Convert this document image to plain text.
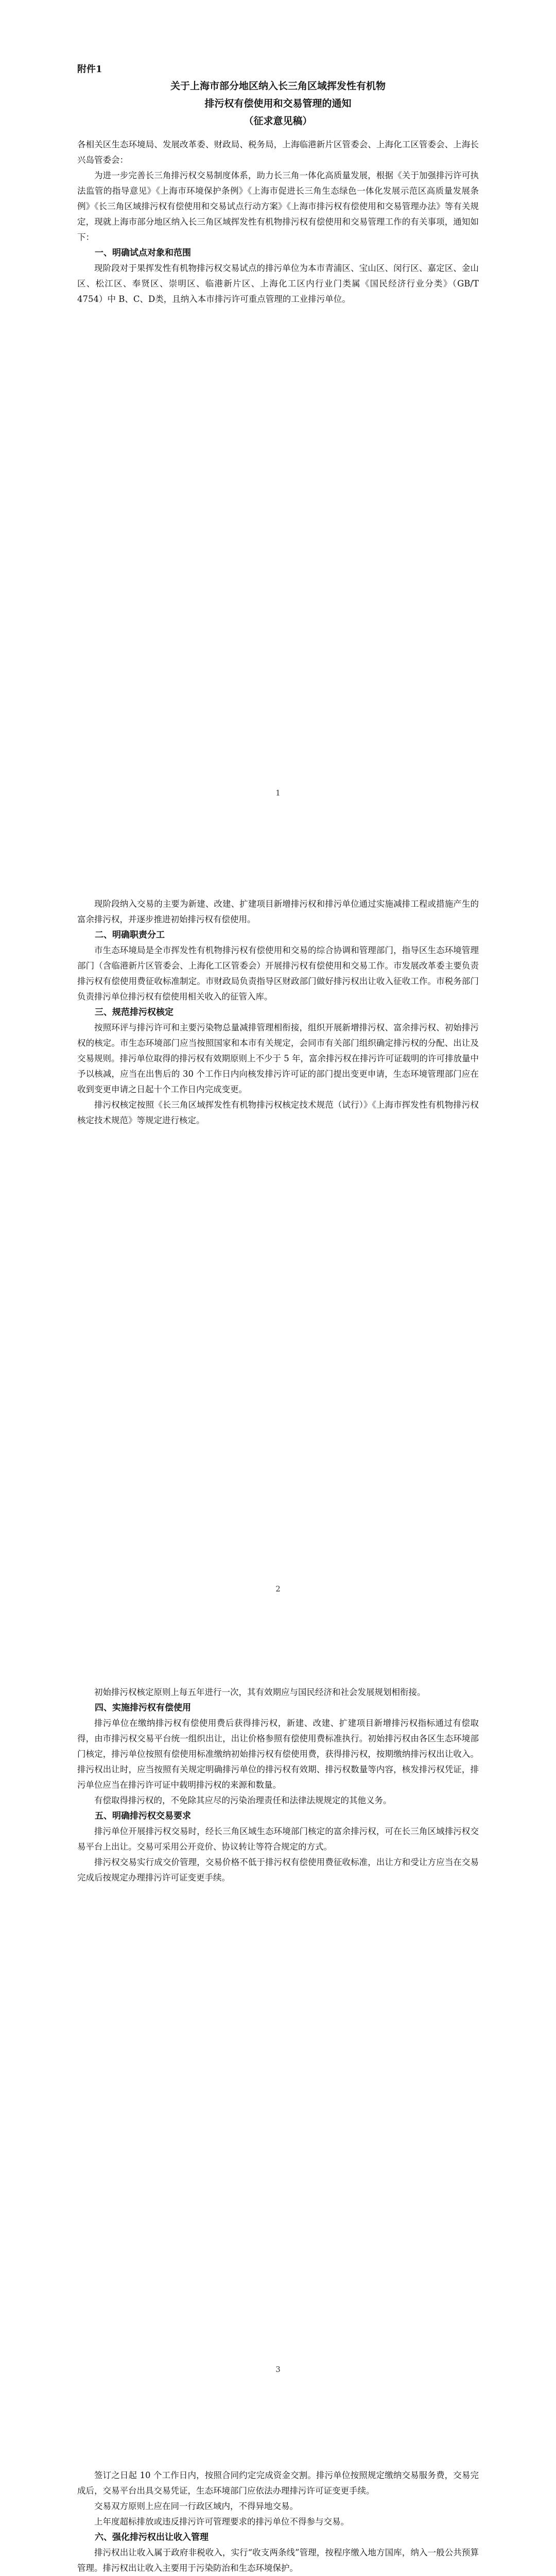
附件1

关于上海市部分地区纳入长三角区域挥发性有机物

排污权有偿使用和交易管理的通知

（征求意见稿）

各相关区生态环境局、发展改革委、财政局、税务局，上海临港新片区管委会、上海化工区管委会、上海长兴岛管委会：

为进一步完善长三角排污权交易制度体系，助力长三角一体化高质量发展，根据《关于加强排污许可执法监管的指导意见》《上海市环境保护条例》《上海市促进长三角生态绿色一体化发展示范区高质量发展条例》《长三角区域排污权有偿使用和交易试点行动方案》《上海市排污权有偿使用和交易管理办法》等有关规定，现就上海市部分地区纳入长三角区域挥发性有机物排污权有偿使用和交易管理工作的有关事项，通知如下：

一、明确试点对象和范围

现阶段对于果挥发性有机物排污权交易试点的排污单位为本市青浦区、宝山区、闵行区、嘉定区、金山区、松江区、奉贤区、崇明区、临港新片区、上海化工区内行业门类属《国民经济行业分类》（GB/T 4754）中 B、C、D类，且纳入本市排污许可重点管理的工业排污单位。

1

现阶段纳入交易的主要为新建、改建、扩建项目新增排污权和排污单位通过实施减排工程或措施产生的富余排污权，并逐步推进初始排污权有偿使用。

二、明确职责分工

市生态环境局是全市挥发性有机物排污权有偿使用和交易的综合协调和管理部门，指导区生态环境管理部门（含临港新片区管委会、上海化工区管委会）开展排污权有偿使用和交易工作。市发展改革委主要负责排污权有偿使用费征收标准制定。市财政局负责指导区财政部门做好排污权出让收入征收工作。市税务部门负责排污单位排污权有偿使用相关收入的征管入库。

三、规范排污权核定

按照环评与排污许可和主要污染物总量减排管理相衔接，组织开展新增排污权、富余排污权、初始排污权的核定。市生态环境部门应当按照国家和本市有关规定，会同市有关部门组织确定排污权的分配、出让及交易规则。排污单位取得的排污权有效期原则上不少于 5 年，富余排污权在排污许可证载明的许可排放量中予以核减，应当在出售后的 30 个工作日内向核发排污许可证的部门提出变更申请，生态环境管理部门应在收到变更申请之日起十个工作日内完成变更。

排污权核定按照《长三角区域挥发性有机物排污权核定技术规范（试行）》《上海市挥发性有机物排污权核定技术规范》等规定进行核定。

2

初始排污权核定原则上每五年进行一次，其有效期应与国民经济和社会发展规划相衔接。

四、实施排污权有偿使用

排污单位在缴纳排污权有偿使用费后获得排污权，新建、改建、扩建项目新增排污权指标通过有偿取得，由市排污权交易平台统一组织出让，出让价格参照有偿使用费标准执行。初始排污权由各区生态环境部门核定，排污单位按照有偿使用标准缴纳初始排污权有偿使用费，获得排污权，按期缴纳排污权出让收入。排污权出让时，应当按照有关规定明确排污单位的排污权有效期、排污权数量等内容，核发排污权凭证，排污单位应当在排污许可证中载明排污权的来源和数量。

有偿取得排污权的，不免除其应尽的污染治理责任和法律法规规定的其他义务。

五、明确排污权交易要求

排污单位开展排污权交易时，经长三角区域生态环境部门核定的富余排污权，可在长三角区域排污权交易平台上出让。交易可采用公开竞价、协议转让等符合规定的方式。

排污权交易实行成交价管理，交易价格不低于排污权有偿使用费征收标准，出让方和受让方应当在交易完成后按规定办理排污许可证变更手续。

3

签订之日起 10 个工作日内，按照合同约定完成资金交割。排污单位按照规定缴纳交易服务费，交易完成后，交易平台出具交易凭证，生态环境部门应依法办理排污许可证变更手续。

交易双方原则上应在同一行政区域内，不得异地交易。

上年度超标排放或违反排污许可管理要求的排污单位不得参与交易。

六、强化排污权出让收入管理

排污权出让收入属于政府非税收入，实行“收支两条线”管理，按程序缴入地方国库，纳入一般公共预算管理。排污权出让收入主要用于污染防治和生态环境保护。
